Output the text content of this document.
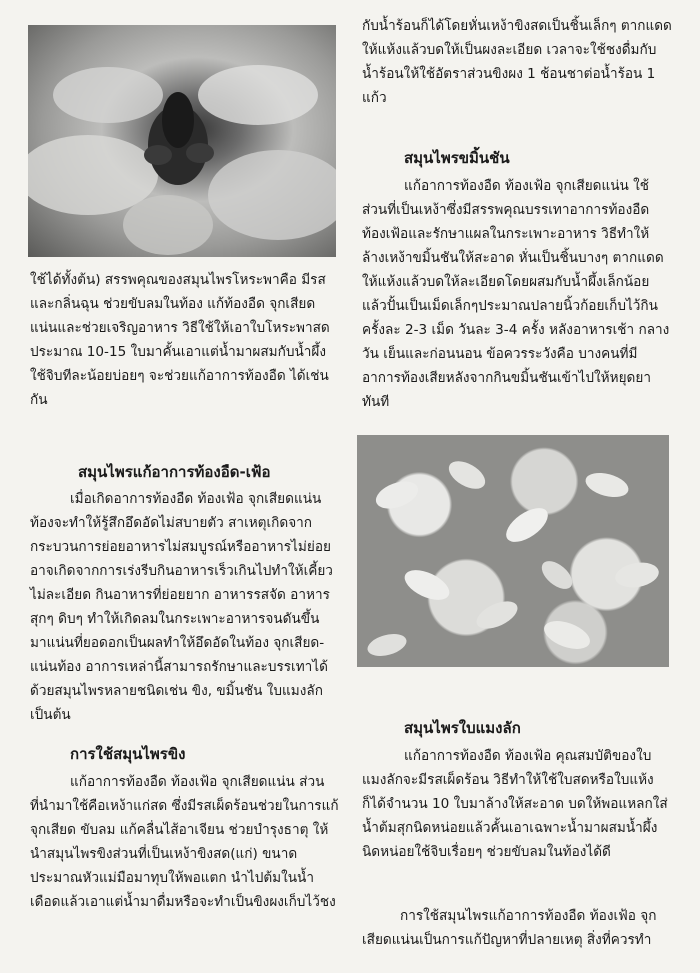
ใช้ได้ทั้งต้น) สรรพคุณของสมุนไพรโหระพาคือ มีรส

และกลิ่นฉุน ช่วยขับลมในท้อง แก้ท้องอืด จุกเสียด

แน่นและช่วยเจริญอาหาร วิธีใช้ให้เอาใบโหระพาสด

ประมาณ 10-15 ใบมาคั้นเอาแต่น้ำมาผสมกับน้ำผึ้ง

ใช้จิบทีละน้อยบ่อยๆ จะช่วยแก้อาการท้องอืด ได้เช่น

กัน

สมุนไพรแก้อาการท้องอืด-เฟ้อ

เมื่อเกิดอาการท้องอืด ท้องเฟ้อ จุกเสียดแน่น

ท้องจะทำให้รู้สึกอึดอัดไม่สบายตัว สาเหตุเกิดจาก

กระบวนการย่อยอาหารไม่สมบูรณ์หรืออาหารไม่ย่อย

อาจเกิดจากการเร่งรีบกินอาหารเร็วเกินไปทำให้เคี้ยว

ไม่ละเอียด กินอาหารที่ย่อยยาก อาหารรสจัด อาหาร

สุกๆ ดิบๆ ทำให้เกิดลมในกระเพาะอาหารจนดันขึ้น

มาแน่นที่ยอดอกเป็นผลทำให้อึดอัดในท้อง จุกเสียด-

แน่นท้อง อาการเหล่านี้สามารถรักษาและบรรเทาได้

ด้วยสมุนไพรหลายชนิดเช่น ขิง, ขมิ้นชัน ใบแมงลัก

เป็นต้น

การใช้สมุนไพรขิง

แก้อาการท้องอืด ท้องเฟ้อ จุกเสียดแน่น ส่วน

ที่นำมาใช้คือเหง้าแก่สด ซึ่งมีรสเผ็ดร้อนช่วยในการแก้

จุกเสียด ขับลม แก้คลื่นไส้อาเจียน ช่วยบำรุงธาตุ ให้

นำสมุนไพรขิงส่วนที่เป็นเหง้าขิงสด(แก่) ขนาด

ประมาณหัวแม่มือมาทุบให้พอแตก นำไปต้มในน้ำ

เดือดแล้วเอาแต่น้ำมาดื่มหรือจะทำเป็นขิงผงเก็บไว้ชง

กับน้ำร้อนก็ได้โดยหั่นเหง้าขิงสดเป็นชิ้นเล็กๆ ตากแดด

ให้แห้งแล้วบดให้เป็นผงละเอียด เวลาจะใช้ชงดื่มกับ

น้ำร้อนให้ใช้อัตราส่วนขิงผง 1 ช้อนชาต่อน้ำร้อน 1

แก้ว

สมุนไพรขมิ้นชัน

แก้อาการท้องอืด ท้องเฟ้อ จุกเสียดแน่น ใช้

ส่วนที่เป็นเหง้าซึ่งมีสรรพคุณบรรเทาอาการท้องอืด

ท้องเฟ้อและรักษาแผลในกระเพาะอาหาร วิธีทำให้

ล้างเหง้าขมิ้นชันให้สะอาด หั่นเป็นชิ้นบางๆ ตากแดด

ให้แห้งแล้วบดให้ละเอียดโดยผสมกับน้ำผึ้งเล็กน้อย

แล้วปั้นเป็นเม็ดเล็กๆประมาณปลายนิ้วก้อยเก็บไว้กิน

ครั้งละ 2-3 เม็ด วันละ 3-4 ครั้ง หลังอาหารเช้า กลาง

วัน เย็นและก่อนนอน ข้อควรระวังคือ บางคนที่มี

อาการท้องเสียหลังจากกินขมิ้นชันเข้าไปให้หยุดยา

ทันที

สมุนไพรใบแมงลัก

แก้อาการท้องอืด ท้องเฟ้อ คุณสมบัติของใบ

แมงลักจะมีรสเผ็ดร้อน วิธีทำให้ใช้ใบสดหรือใบแห้ง

ก็ได้จำนวน 10 ใบมาล้างให้สะอาด บดให้พอแหลกใส่

น้ำต้มสุกนิดหน่อยแล้วคั้นเอาเฉพาะน้ำมาผสมน้ำผึ้ง

นิดหน่อยใช้จิบเรื่อยๆ ช่วยขับลมในท้องได้ดี

การใช้สมุนไพรแก้อาการท้องอืด ท้องเฟ้อ จุก

เสียดแน่นเป็นการแก้ปัญหาที่ปลายเหตุ สิ่งที่ควรทำ
